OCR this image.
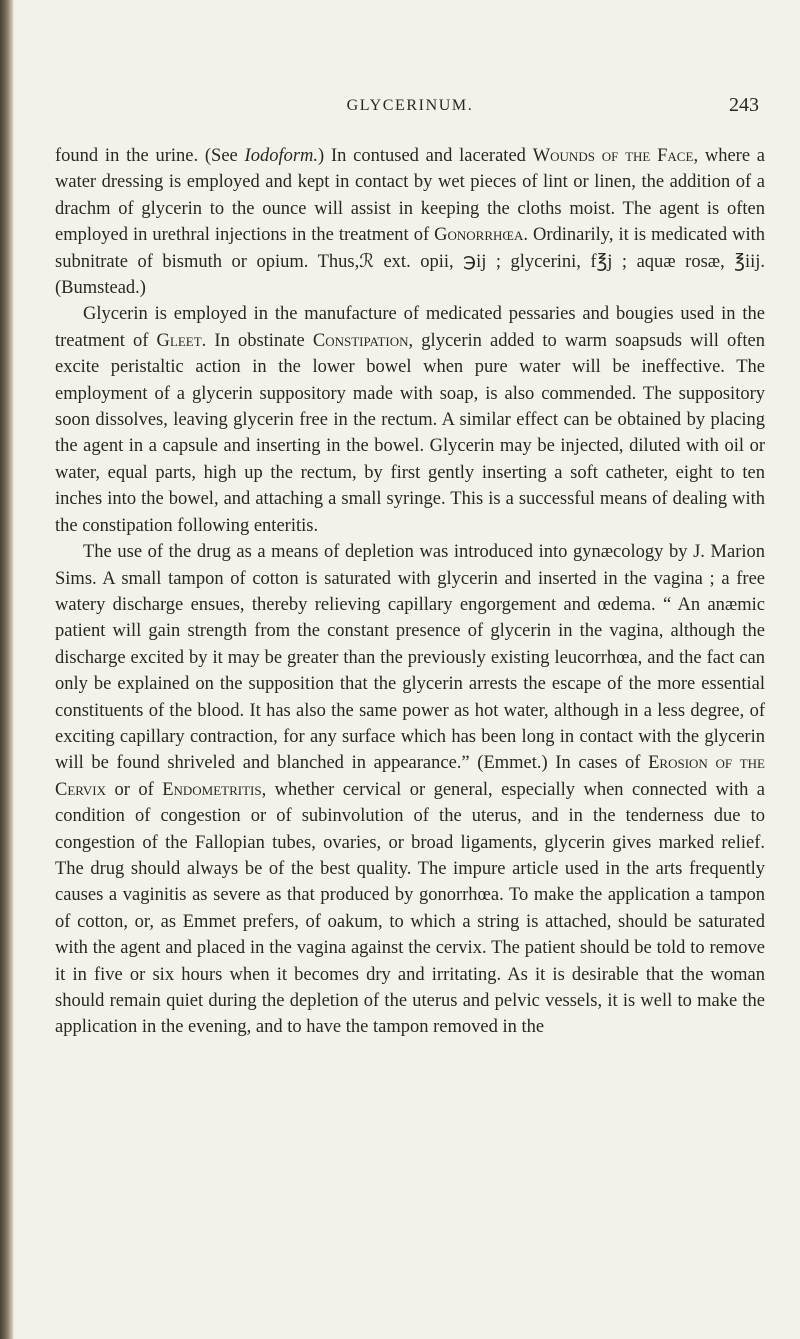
GLYCERINUM.	243

found in the urine. (See Iodoform.) In contused and lacerated Wounds of the Face, where a water dressing is employed and kept in contact by wet pieces of lint or linen, the addition of a drachm of glycerin to the ounce will assist in keeping the cloths moist. The agent is often employed in urethral injections in the treatment of Gonorrhœa. Ordinarily, it is medicated with subnitrate of bismuth or opium. Thus,ℛ ext. opii, ℈ij ; glycerini, f℥j ; aquæ rosæ, ℥iij. (Bumstead.)

Glycerin is employed in the manufacture of medicated pessaries and bougies used in the treatment of Gleet. In obstinate Constipation, glycerin added to warm soapsuds will often excite peristaltic action in the lower bowel when pure water will be ineffective. The employment of a glycerin suppository made with soap, is also commended. The suppository soon dissolves, leaving glycerin free in the rectum. A similar effect can be obtained by placing the agent in a capsule and inserting in the bowel. Glycerin may be injected, diluted with oil or water, equal parts, high up the rectum, by first gently inserting a soft catheter, eight to ten inches into the bowel, and attaching a small syringe. This is a successful means of dealing with the constipation following enteritis.

The use of the drug as a means of depletion was introduced into gynæcology by J. Marion Sims. A small tampon of cotton is saturated with glycerin and inserted in the vagina ; a free watery discharge ensues, thereby relieving capillary engorgement and œdema. “ An anæmic patient will gain strength from the constant presence of glycerin in the vagina, although the discharge excited by it may be greater than the previously existing leucorrhœa, and the fact can only be explained on the supposition that the glycerin arrests the escape of the more essential constituents of the blood. It has also the same power as hot water, although in a less degree, of exciting capillary contraction, for any surface which has been long in contact with the glycerin will be found shriveled and blanched in appearance.” (Emmet.) In cases of Erosion of the Cervix or of Endometritis, whether cervical or general, especially when connected with a condition of congestion or of subinvolution of the uterus, and in the tenderness due to congestion of the Fallopian tubes, ovaries, or broad ligaments, glycerin gives marked relief. The drug should always be of the best quality. The impure article used in the arts frequently causes a vaginitis as severe as that produced by gonorrhœa. To make the application a tampon of cotton, or, as Emmet prefers, of oakum, to which a string is attached, should be saturated with the agent and placed in the vagina against the cervix. The patient should be told to remove it in five or six hours when it becomes dry and irritating. As it is desirable that the woman should remain quiet during the depletion of the uterus and pelvic vessels, it is well to make the application in the evening, and to have the tampon removed in the
